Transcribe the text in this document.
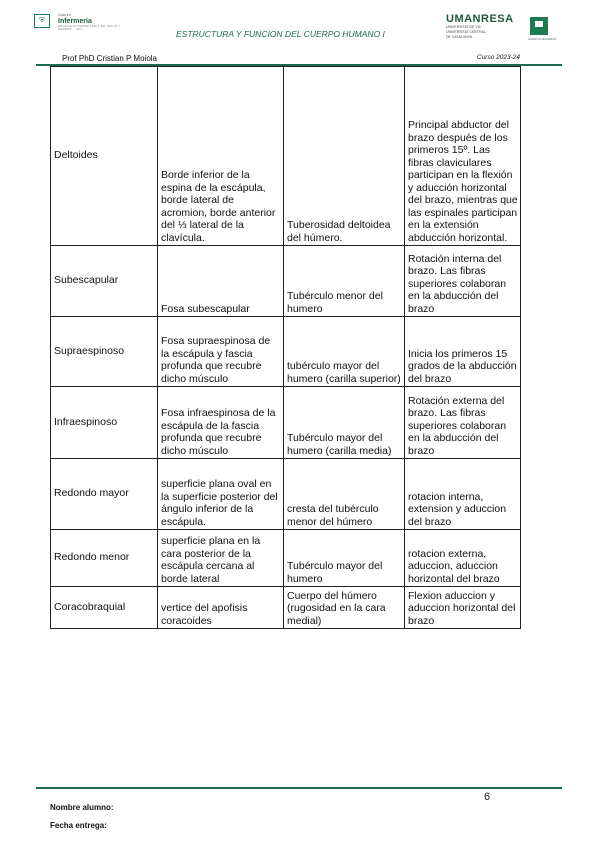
⛨
Grau en
Infermeria
ESCOLA UNIVERSITÀRIA DE SALUT I
ESPORT · UPC
ESTRUCTURA Y FUNCION DEL CUERPO HUMANO I
UMANRESA
UNIVERSITAT DE VIC
UNIVERSITAT CENTRAL
DE CATALUNYA
CAMPUS MANRESA
Prof PhD Cristian P Moiola	Curso 2023-24
Deltoides	Borde inferior de la espina de la escápula, borde lateral de acromion, borde anterior del ⅓ lateral de la clavícula.	Tuberosidad deltoidea del húmero.	Principal abductor del brazo después de los primeros 15º. Las fibras claviculares participan en la flexión y aducción horizontal del brazo, mientras que las espinales participan en la extensión abducción horizontal.
Subescapular	Fosa subescapular	Tubérculo menor del humero	Rotación interna del brazo. Las fibras superiores colaboran en la abducción del brazo
Supraespinoso	Fosa supraespinosa de la escápula y fascia profunda que recubre dicho músculo	tubérculo mayor del humero (carilla superior)	Inicia los primeros 15 grados de la abducción del brazo
Infraespinoso	Fosa infraespinosa de la escápula de la fascia profunda que recubre dicho músculo	Tubérculo mayor del humero (carilla media)	Rotación externa del brazo. Las fibras superiores colaboran en la abducción del brazo
Redondo mayor	superficie plana oval en la superficie posterior del ángulo inferior de la escápula.	cresta del tubérculo menor del húmero	rotacion interna, extension y aduccion del brazo
Redondo menor	superficie plana en la cara posterior de la escápula cercana al borde lateral	Tubérculo mayor del humero	rotacion externa, aduccion, aduccion horizontal del brazo
Coracobraquial	vertice del apofisis coracoides	Cuerpo del húmero (rugosidad en la cara medial)	Flexion aduccion y aduccion horizontal del brazo
6
Nombre alumno:
Fecha entrega:
